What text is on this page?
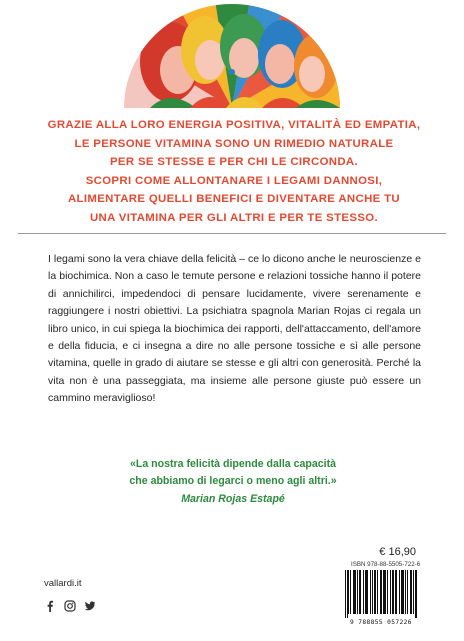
GRAZIE ALLA LORO ENERGIA POSITIVA, VITALITÀ ED EMPATIA,
LE PERSONE VITAMINA SONO UN RIMEDIO NATURALE
PER SE STESSE E PER CHI LE CIRCONDA.
SCOPRI COME ALLONTANARE I LEGAMI DANNOSI,
ALIMENTARE QUELLI BENEFICI E DIVENTARE ANCHE TU
UNA VITAMINA PER GLI ALTRI E PER TE STESSO.

I legami sono la vera chiave della felicità – ce lo dicono anche le neuroscienze e la biochimica. Non a caso le temute persone e relazioni tossiche hanno il potere di annichilirci, impedendoci di pensare lucidamente, vivere serenamente e raggiungere i nostri obiettivi. La psichiatra spagnola Marian Rojas ci regala un libro unico, in cui spiega la biochimica dei rapporti, dell'attaccamento, dell'amore e della fiducia, e ci insegna a dire no alle persone tossiche e sì alle persone vitamina, quelle in grado di aiutare se stesse e gli altri con generosità. Perché la vita non è una passeggiata, ma insieme alle persone giuste può essere un cammino meraviglioso!

«La nostra felicità dipende dalla capacità
che abbiamo di legarci o meno agli altri.»
Marian Rojas Estapé
€ 16,90
ISBN 978-88-5505-722-6
9 788855 057226
vallardi.it
